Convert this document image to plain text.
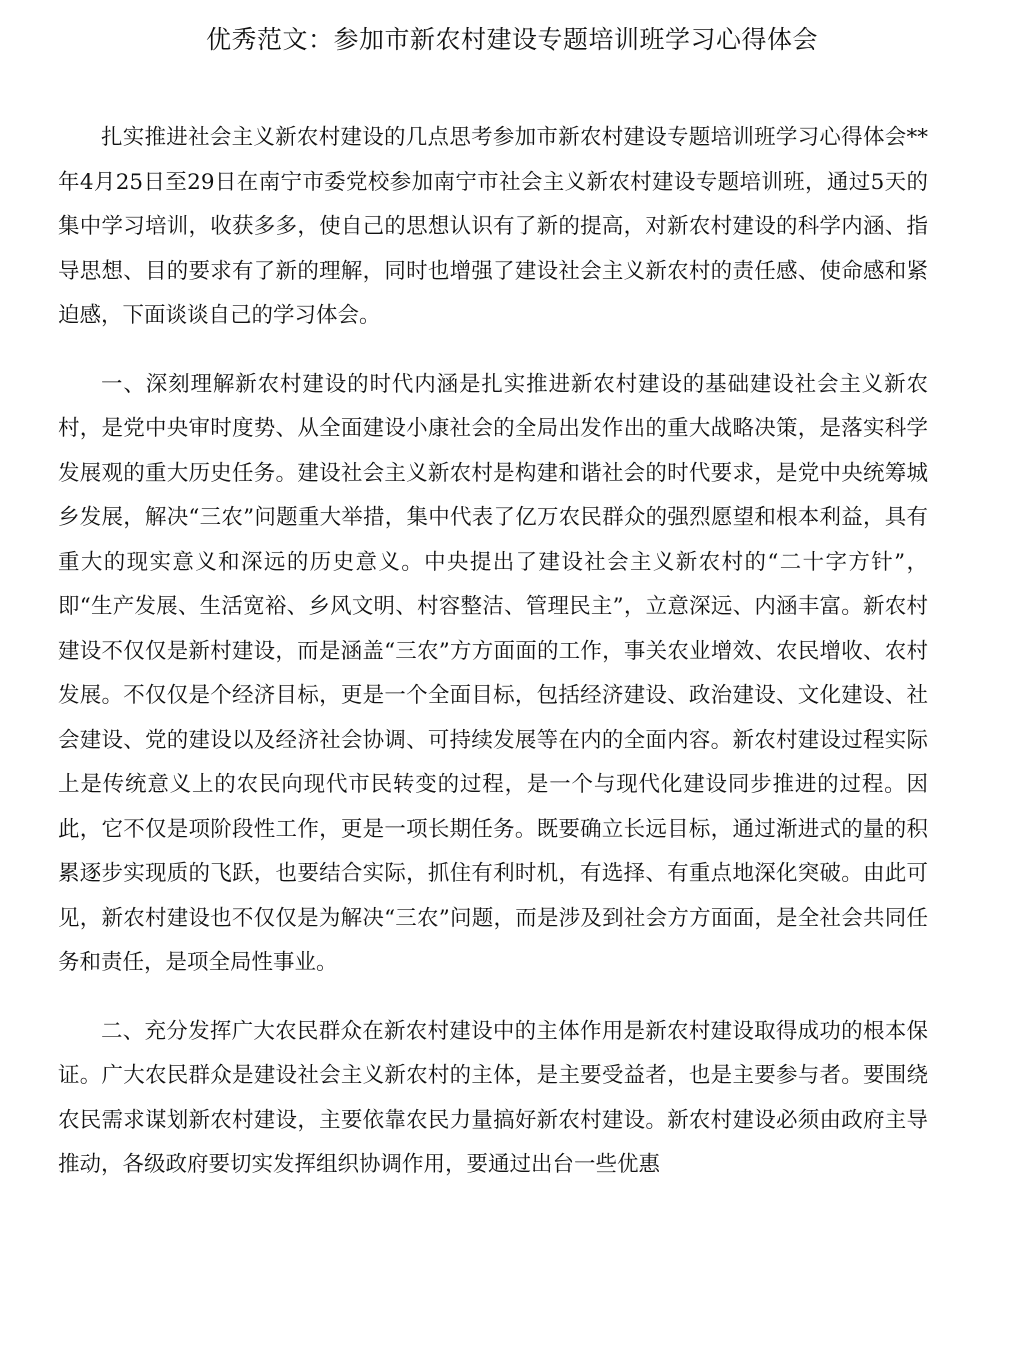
优秀范文：参加市新农村建设专题培训班学习心得体会

扎实推进社会主义新农村建设的几点思考参加市新农村建设专题培训班学习心得体会**年4月25日至29日在南宁市委党校参加南宁市社会主义新农村建设专题培训班，通过5天的集中学习培训，收获多多，使自己的思想认识有了新的提高，对新农村建设的科学内涵、指导思想、目的要求有了新的理解，同时也增强了建设社会主义新农村的责任感、使命感和紧迫感，下面谈谈自己的学习体会。

一、深刻理解新农村建设的时代内涵是扎实推进新农村建设的基础建设社会主义新农村，是党中央审时度势、从全面建设小康社会的全局出发作出的重大战略决策，是落实科学发展观的重大历史任务。建设社会主义新农村是构建和谐社会的时代要求，是党中央统筹城乡发展，解决“三农”问题重大举措，集中代表了亿万农民群众的强烈愿望和根本利益，具有重大的现实意义和深远的历史意义。中央提出了建设社会主义新农村的“二十字方针”，即“生产发展、生活宽裕、乡风文明、村容整洁、管理民主”，立意深远、内涵丰富。新农村建设不仅仅是新村建设，而是涵盖“三农”方方面面的工作，事关农业增效、农民增收、农村发展。不仅仅是个经济目标，更是一个全面目标，包括经济建设、政治建设、文化建设、社会建设、党的建设以及经济社会协调、可持续发展等在内的全面内容。新农村建设过程实际上是传统意义上的农民向现代市民转变的过程，是一个与现代化建设同步推进的过程。因此，它不仅是项阶段性工作，更是一项长期任务。既要确立长远目标，通过渐进式的量的积累逐步实现质的飞跃，也要结合实际，抓住有利时机，有选择、有重点地深化突破。由此可见，新农村建设也不仅仅是为解决“三农”问题，而是涉及到社会方方面面，是全社会共同任务和责任，是项全局性事业。

二、充分发挥广大农民群众在新农村建设中的主体作用是新农村建设取得成功的根本保证。广大农民群众是建设社会主义新农村的主体，是主要受益者，也是主要参与者。要围绕农民需求谋划新农村建设，主要依靠农民力量搞好新农村建设。新农村建设必须由政府主导推动，各级政府要切实发挥组织协调作用，要通过出台一些优惠
